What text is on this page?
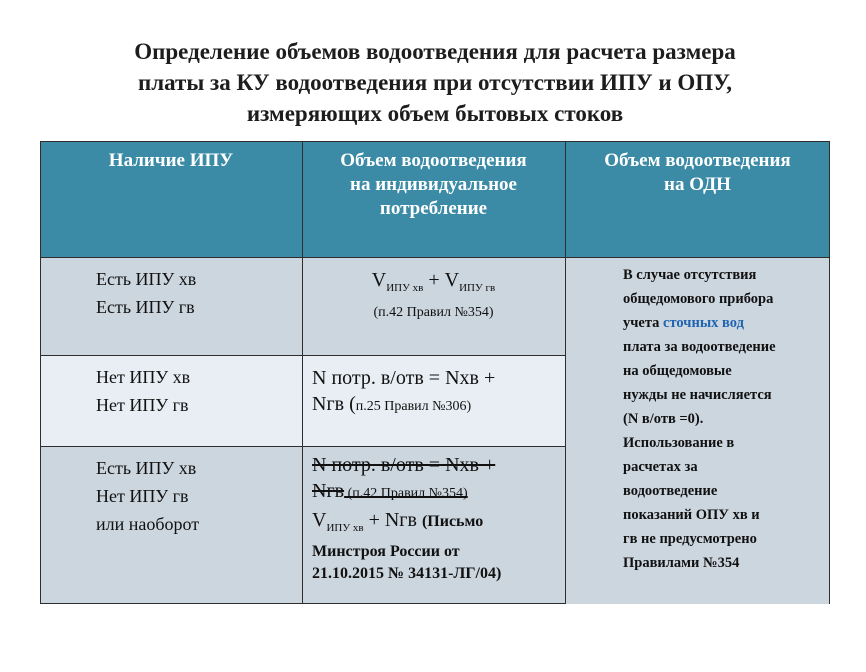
Определение объемов водоотведения для расчета размера
платы за КУ водоотведения при отсутствии ИПУ и ОПУ,
измеряющих объем бытовых стоков
Наличие ИПУ	Объем водоотведения
на индивидуальное
потребление
Объем водоотведения
на ОДН
Есть ИПУ хв
Есть ИПУ гв
$V_{ИПУ хв} + V_{ИПУ гв}$
(п.42 Правил №354)
Нет ИПУ хв
Нет ИПУ гв
N потр. в/отв = Nхв +
Nгв (п.25 Правил №306)
Есть ИПУ хв
Нет ИПУ гв
или наоборот
N потр. в/отв = Nхв +
Nгв (п.42 Правил №354)
$V_{ИПУ хв}$ + Nгв (Письмо
Минстроя России от
21.10.2015 № 34131-ЛГ/04)
В случае отсутствия
общедомового прибора
учета сточных вод
плата за водоотведение
на общедомовые
нужды не начисляется
(N в/отв =0).
Использование в
расчетах за
водоотведение
показаний ОПУ хв и
гв не предусмотрено
Правилами №354
